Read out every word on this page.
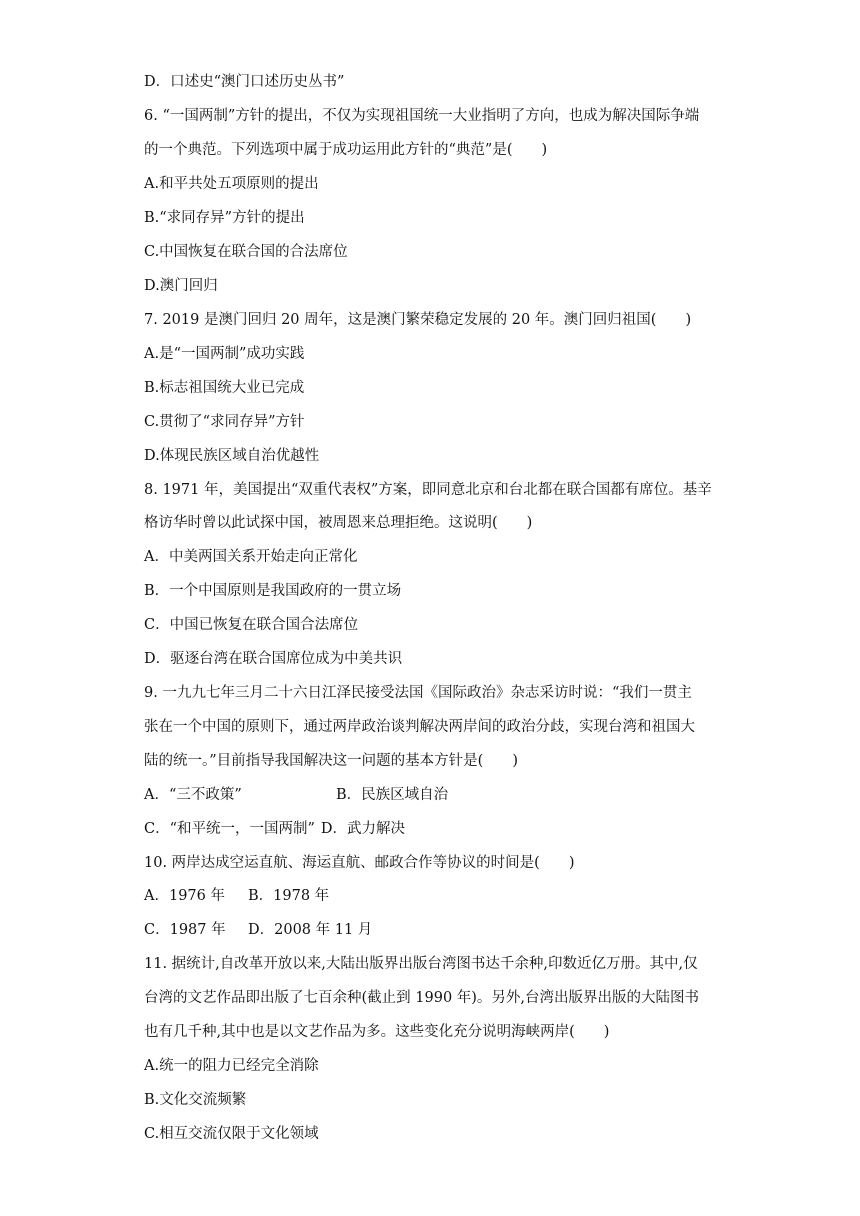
D．口述史“澳门口述历史丛书”
6. “一国两制”方针的提出，不仅为实现祖国统一大业指明了方向，也成为解决国际争端
的一个典范。下列选项中属于成功运用此方针的“典范”是(　　)
A.和平共处五项原则的提出
B.“求同存异”方针的提出
C.中国恢复在联合国的合法席位
D.澳门回归
7. 2019 是澳门回归 20 周年，这是澳门繁荣稳定发展的 20 年。澳门回归祖国(　　)
A.是“一国两制”成功实践
B.标志祖国统大业已完成
C.贯彻了“求同存异”方针
D.体现民族区域自治优越性
8. 1971 年，美国提出“双重代表权”方案，即同意北京和台北都在联合国都有席位。基辛
格访华时曾以此试探中国，被周恩来总理拒绝。这说明(　　)
A．中美两国关系开始走向正常化
B．一个中国原则是我国政府的一贯立场
C．中国已恢复在联合国合法席位
D．驱逐台湾在联合国席位成为中美共识
9. 一九九七年三月二十六日江泽民接受法国《国际政治》杂志采访时说：“我们一贯主
张在一个中国的原则下，通过两岸政治谈判解决两岸间的政治分歧，实现台湾和祖国大
陆的统一。”目前指导我国解决这一问题的基本方针是(　　)
A．“三不政策”	B．民族区域自治
C．“和平统一，一国两制” D．武力解决
10. 两岸达成空运直航、海运直航、邮政合作等协议的时间是(　　)
A．1976 年 B．1978 年
C．1987 年 D．2008 年 11 月
11. 据统计,自改革开放以来,大陆出版界出版台湾图书达千余种,印数近亿万册。其中,仅
台湾的文艺作品即出版了七百余种(截止到 1990 年)。另外,台湾出版界出版的大陆图书
也有几千种,其中也是以文艺作品为多。这些变化充分说明海峡两岸(　　)
A.统一的阻力已经完全消除
B.文化交流频繁
C.相互交流仅限于文化领域
